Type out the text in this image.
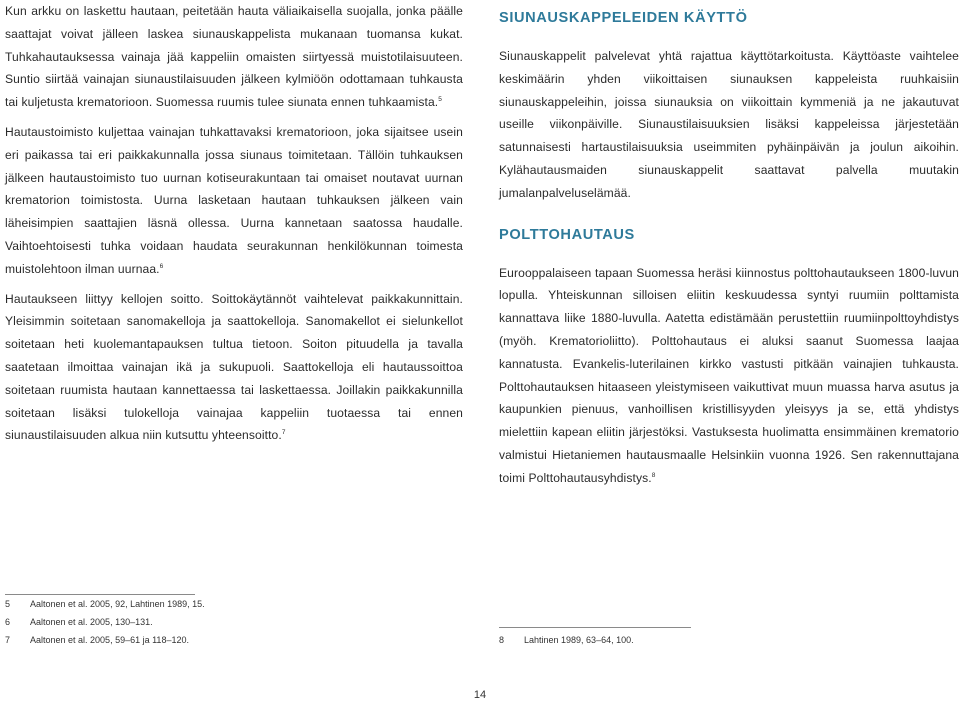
Kun arkku on laskettu hautaan, peitetään hauta väliaikaisella suojalla, jonka päälle saattajat voivat jälleen laskea siunauskappelista mukanaan tuomansa kukat. Tuhkahautauksessa vainaja jää kappeliin omaisten siirtyessä muistotilaisuuteen. Suntio siirtää vainajan siunaustilaisuuden jälkeen kylmiöön odottamaan tuhkausta tai kuljetusta krematorioon. Suomessa ruumis tulee siunata ennen tuhkaamista.$^5$

Hautaustoimisto kuljettaa vainajan tuhkattavaksi krematorioon, joka sijaitsee usein eri paikassa tai eri paikkakunnalla jossa siunaus toimitetaan. Tällöin tuhkauksen jälkeen hautaustoimisto tuo uurnan kotiseurakuntaan tai omaiset noutavat uurnan krematorion toimistosta. Uurna lasketaan hautaan tuhkauksen jälkeen vain läheisimpien saattajien läsnä ollessa. Uurna kannetaan saatossa haudalle. Vaihtoehtoisesti tuhka voidaan haudata seurakunnan henkilökunnan toimesta muistolehtoon ilman uurnaa.$^6$

Hautaukseen liittyy kellojen soitto. Soittokäytännöt vaihtelevat paikkakunnittain. Yleisimmin soitetaan sanomakelloja ja saattokelloja. Sanomakellot ei sielunkellot soitetaan heti kuolemantapauksen tultua tietoon. Soiton pituudella ja tavalla saatetaan ilmoittaa vainajan ikä ja sukupuoli. Saattokelloja eli hautaussoittoa soitetaan ruumista hautaan kannettaessa tai laskettaessa. Joillakin paikkakunnilla soitetaan lisäksi tulokelloja vainajaa kappeliin tuotaessa tai ennen siunaustilaisuuden alkua niin kutsuttu yhteensoitto.$^7$

SIUNAUSKAPPELEIDEN KÄYTTÖ

Siunauskappelit palvelevat yhtä rajattua käyttötarkoitusta. Käyttöaste vaihtelee keskimäärin yhden viikoittaisen siunauksen kappeleista ruuhkaisiin siunauskappeleihin, joissa siunauksia on viikoittain kymmeniä ja ne jakautuvat useille viikonpäiville. Siunaustilaisuuksien lisäksi kappeleissa järjestetään satunnaisesti hartaustilaisuuksia useimmiten pyhäinpäivän ja joulun aikoihin. Kylähautausmaiden siunauskappelit saattavat palvella muutakin jumalanpalveluselämää.

POLTTOHAUTAUS

Eurooppalaiseen tapaan Suomessa heräsi kiinnostus polttohautaukseen 1800-luvun lopulla. Yhteiskunnan silloisen eliitin keskuudessa syntyi ruumiin polttamista kannattava liike 1880-luvulla. Aatetta edistämään perustettiin ruumiinpolttoyhdistys (myöh. Krematorioliitto). Polttohautaus ei aluksi saanut Suomessa laajaa kannatusta. Evankelis-luterilainen kirkko vastusti pitkään vainajien tuhkausta. Polttohautauksen hitaaseen yleistymiseen vaikuttivat muun muassa harva asutus ja kaupunkien pienuus, vanhoillisen kristillisyyden yleisyys ja se, että yhdistys mielettiin kapean eliitin järjestöksi. Vastuksesta huolimatta ensimmäinen krematorio valmistui Hietaniemen hautausmaalle Helsinkiin vuonna 1926. Sen rakennuttajana toimi Polttohautausyhdistys.$^8$

5 Aaltonen et al. 2005, 92, Lahtinen 1989, 15.
6 Aaltonen et al. 2005, 130–131.
7 Aaltonen et al. 2005, 59–61 ja 118–120.	8 Lahtinen 1989, 63–64, 100.
14
